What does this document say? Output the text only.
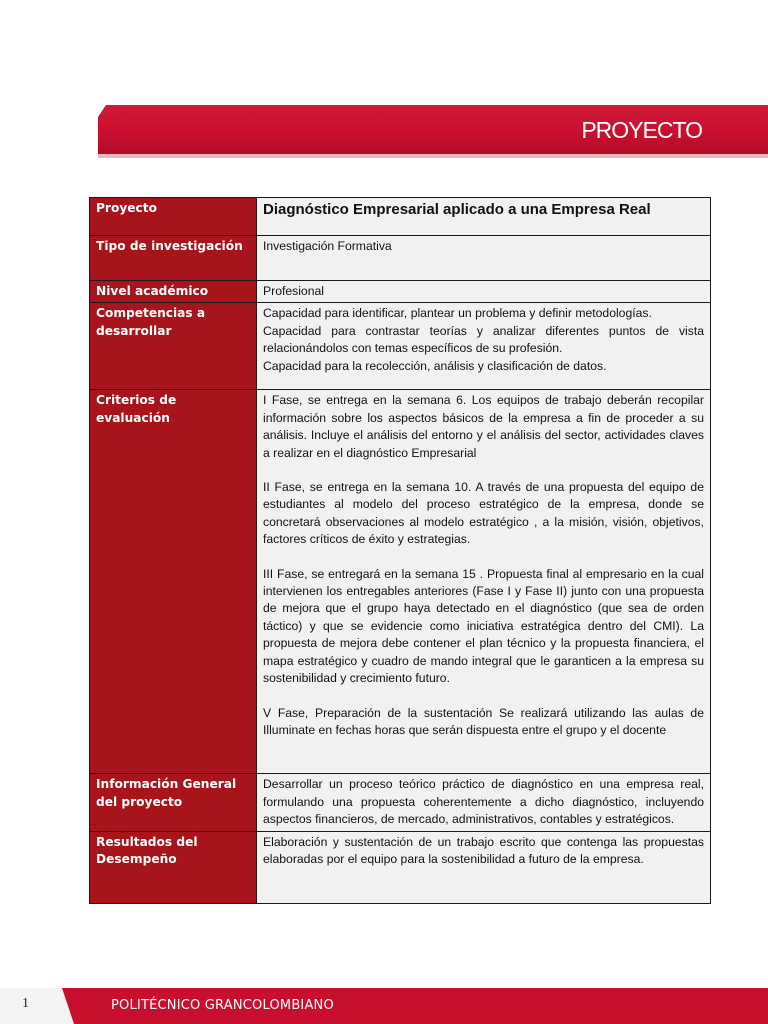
PROYECTO
Proyecto	Diagnóstico Empresarial aplicado a una Empresa Real
Tipo de investigación	Investigación Formativa
Nivel académico	Profesional
Competencias a desarrollar	Capacidad para identificar, plantear un problema y definir metodologías.

Capacidad para contrastar teorías y analizar diferentes puntos de vista relacionándolos con temas específicos de su profesión.

Capacidad para la recolección, análisis y clasificación de datos.

Criterios de evaluación	I Fase, se entrega en la semana 6. Los equipos de trabajo deberán recopilar información sobre los aspectos básicos de la empresa a fin de proceder a su análisis. Incluye el análisis del entorno y el análisis del sector, actividades claves a realizar en el diagnóstico Empresarial

II Fase, se entrega en la semana 10. A través de una propuesta del equipo de estudiantes al modelo del proceso estratégico de la empresa, donde se concretará observaciones al modelo estratégico , a la misión, visión, objetivos, factores críticos de éxito y estrategias.

III Fase, se entregará en la semana 15 . Propuesta final al empresario en la cual intervienen los entregables anteriores (Fase I y Fase II) junto con una propuesta de mejora que el grupo haya detectado en el diagnóstico (que sea de orden táctico) y que se evidencie como iniciativa estratégica dentro del CMI). La propuesta de mejora debe contener el plan técnico y la propuesta financiera, el mapa estratégico y cuadro de mando integral que le garanticen a la empresa su sostenibilidad y crecimiento futuro.

V Fase, Preparación de la sustentación Se realizará utilizando las aulas de Illuminate en fechas horas que serán dispuesta entre el grupo y el docente

Información General del proyecto	Desarrollar un proceso teórico práctico de diagnóstico en una empresa real, formulando una propuesta coherentemente a dicho diagnóstico, incluyendo aspectos financieros, de mercado, administrativos, contables y estratégicos.
Resultados del Desempeño	Elaboración y sustentación de un trabajo escrito que contenga las propuestas elaboradas por el equipo para la sostenibilidad a futuro de la empresa.
1	POLITÉCNICO GRANCOLOMBIANO
